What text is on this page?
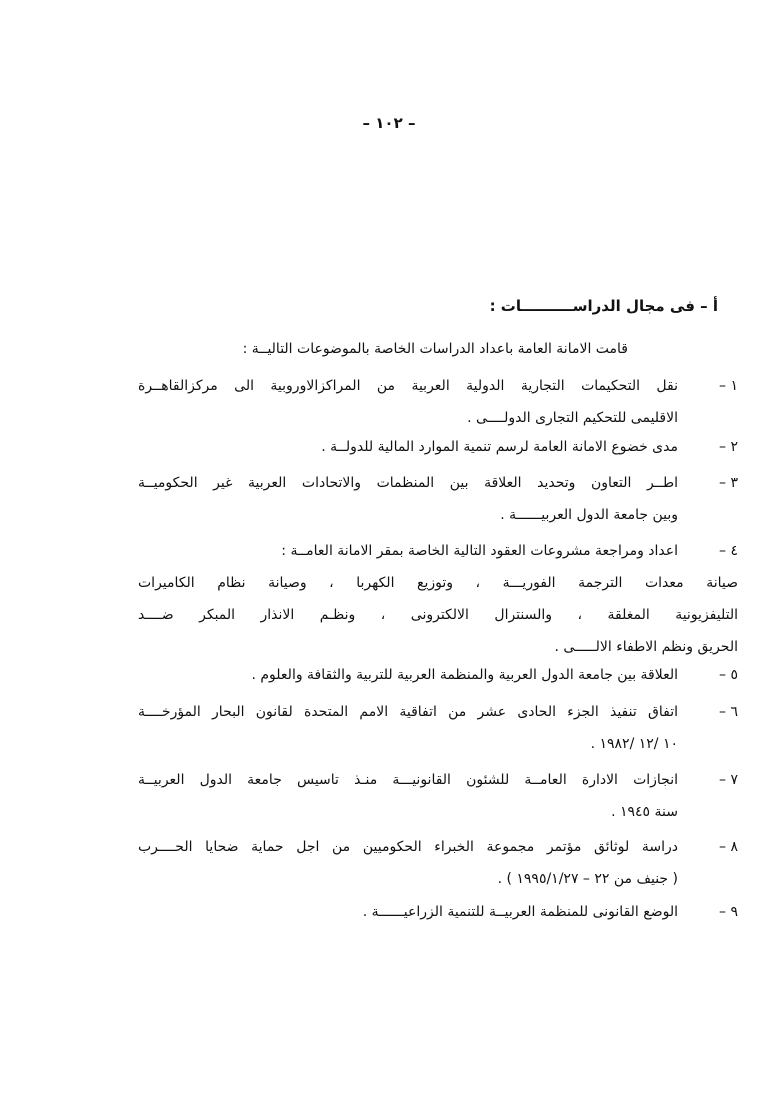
– ١٠٢ –
أ – فى مجال الدراســــــــــات :
قامت الامانة العامة باعداد الدراسات الخاصة بالموضوعات التاليــة :
١ –
نقل التحكيمات التجارية الدولية العربية من المراكزالاوروبية الى مركزالقاهــرة
الاقليمى للتحكيم التجارى الدولــــى .
٢ –
مدى خضوع الامانة العامة لرسم تنمية الموارد المالية للدولــة .
٣ –
اطــر التعاون وتحديد العلاقة بين المنظمات والاتحادات العربية غير الحكوميــة
وبين جامعة الدول العربيــــــة .
٤ –
اعداد ومراجعة مشروعات العقود التالية الخاصة بمقر الامانة العامــة :
صيانة معدات الترجمة الفوريـــة ، وتوزيع الكهربا ، وصيانة نظام الكاميرات
التليفزيونية المغلقة ، والسنترال الالكترونى ، ونظـم الانذار المبكر ضــــد
الحريق ونظم الاطفاء الالـــــى .
٥ –
العلاقة بين جامعة الدول العربية والمنظمة العربية للتربية والثقافة والعلوم .
٦ –
اتفاق تنفيذ الجزء الحادى عشر من اتفاقية الامم المتحدة لقانون البحار المؤرخــــة
١٠ /١٢ /١٩٨٢ .
٧ –
انجازات الادارة العامــة للشئون القانونيـــة منـذ تاسيس جامعة الدول العربيــة
سنة ١٩٤٥ .
٨ –
دراسة لوثائق مؤتمر مجموعة الخبراء الحكوميين من اجل حماية ضحايا الحــــرب
( جنيف من ٢٢ – ١٩٩٥/١/٢٧ ) .
٩ –
الوضع القانونى للمنظمة العربيــة للتنمية الزراعيــــــة .
